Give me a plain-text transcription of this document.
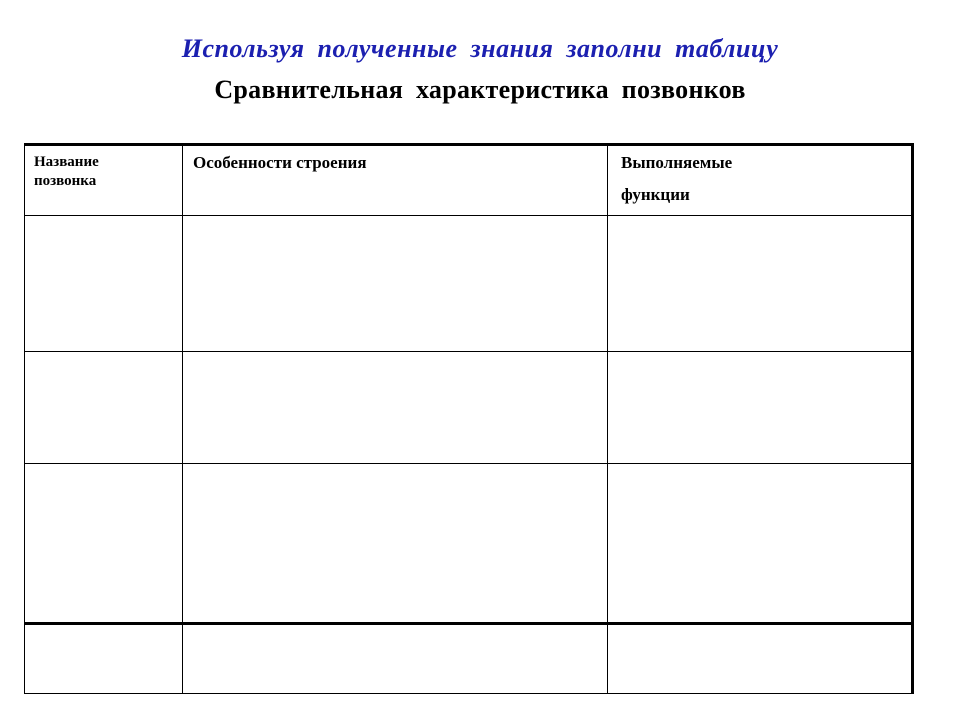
Используя полученные знания заполни таблицу
Сравнительная характеристика позвонков
Название позвонка
Особенности строения	Выполняемые функции
